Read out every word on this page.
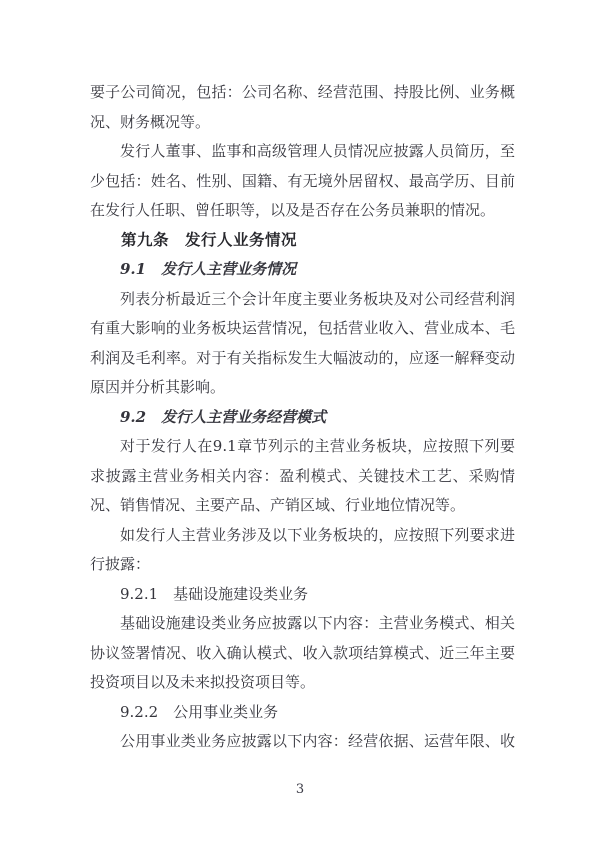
要子公司简况，包括：公司名称、经营范围、持股比例、业务概况、财务概况等。
发行人董事、监事和高级管理人员情况应披露人员简历，至少包括：姓名、性别、国籍、有无境外居留权、最高学历、目前在发行人任职、曾任职等，以及是否存在公务员兼职的情况。
第九条　发行人业务情况
9.1　发行人主营业务情况
列表分析最近三个会计年度主要业务板块及对公司经营利润有重大影响的业务板块运营情况，包括营业收入、营业成本、毛利润及毛利率。对于有关指标发生大幅波动的，应逐一解释变动原因并分析其影响。
9.2　发行人主营业务经营模式
对于发行人在9.1章节列示的主营业务板块，应按照下列要求披露主营业务相关内容：盈利模式、关键技术工艺、采购情况、销售情况、主要产品、产销区域、行业地位情况等。
如发行人主营业务涉及以下业务板块的，应按照下列要求进行披露：
9.2.1　基础设施建设类业务
基础设施建设类业务应披露以下内容：主营业务模式、相关协议签署情况、收入确认模式、收入款项结算模式、近三年主要投资项目以及未来拟投资项目等。
9.2.2　公用事业类业务
公用事业类业务应披露以下内容：经营依据、运营年限、收
3
